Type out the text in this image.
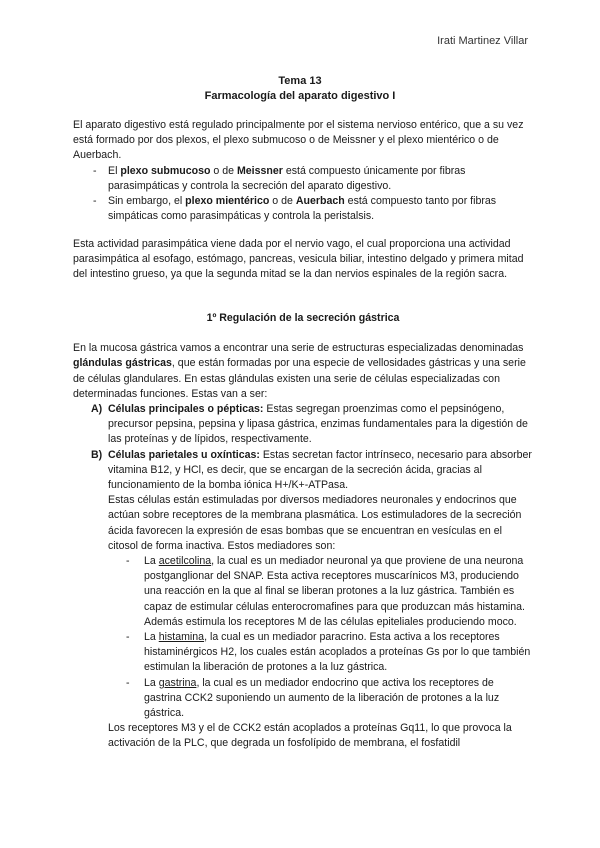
Irati Martinez Villar
Tema 13
Farmacología del aparato digestivo I

El aparato digestivo está regulado principalmente por el sistema nervioso entérico, que a su vez está formado por dos plexos, el plexo submucoso o de Meissner y el plexo mientérico o de Auerbach.

- El plexo submucoso o de Meissner está compuesto únicamente por fibras parasimpáticas y controla la secreción del aparato digestivo.
- Sin embargo, el plexo mientérico o de Auerbach está compuesto tanto por fibras simpáticas como parasimpáticas y controla la peristalsis.

Esta actividad parasimpática viene dada por el nervio vago, el cual proporciona una actividad parasimpática al esofago, estómago, pancreas, vesicula biliar, intestino delgado y primera mitad del intestino grueso, ya que la segunda mitad se la dan nervios espinales de la región sacra.

1º Regulación de la secreción gástrica

En la mucosa gástrica vamos a encontrar una serie de estructuras especializadas denominadas glándulas gástricas, que están formadas por una especie de vellosidades gástricas y una serie de células glandulares. En estas glándulas existen una serie de células especializadas con determinadas funciones. Estas van a ser:

A) Células principales o pépticas: Estas segregan proenzimas como el pepsinógeno, precursor pepsina, pepsina y lipasa gástrica, enzimas fundamentales para la digestión de las proteínas y de lípidos, respectivamente.
B) Células parietales u oxínticas: Estas secretan factor intrínseco, necesario para absorber vitamina B12, y HCl, es decir, que se encargan de la secreción ácida, gracias al funcionamiento de la bomba iónica H+/K+-ATPasa.

Estas células están estimuladas por diversos mediadores neuronales y endocrinos que actúan sobre receptores de la membrana plasmática. Los estimuladores de la secreción ácida favorecen la expresión de esas bombas que se encuentran en vesículas en el citosol de forma inactiva. Estos mediadores son:

- La acetilcolina, la cual es un mediador neuronal ya que proviene de una neurona postganglionar del SNAP. Esta activa receptores muscarínicos M3, produciendo una reacción en la que al final se liberan protones a la luz gástrica. También es capaz de estimular células enterocromafines para que produzcan más histamina. Además estimula los receptores M de las células epiteliales produciendo moco.
- La histamina, la cual es un mediador paracrino. Esta activa a los receptores histaminérgicos H2, los cuales están acoplados a proteínas Gs por lo que también estimulan la liberación de protones a la luz gástrica.
- La gastrina, la cual es un mediador endocrino que activa los receptores de gastrina CCK2 suponiendo un aumento de la liberación de protones a la luz gástrica.

Los receptores M3 y el de CCK2 están acoplados a proteínas Gq11, lo que provoca la activación de la PLC, que degrada un fosfolípido de membrana, el fosfatidil
